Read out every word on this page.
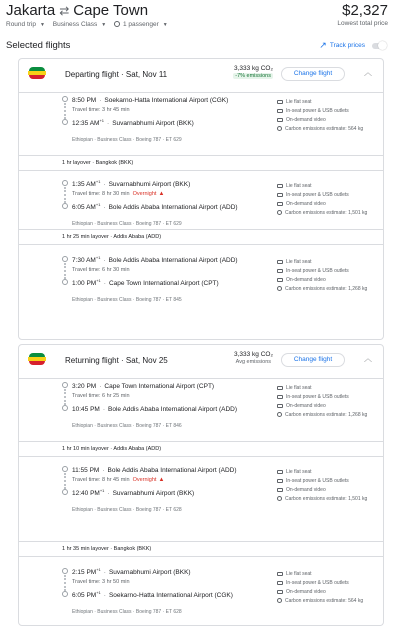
Jakarta ⇄ Cape Town	$2,327
Lowest total price
Round trip ▼ Business Class ▼	1 passenger ▼
Selected flights	↗ Track prices
Departing flight · Sat, Nov 11
3,333 kg CO₂
-7% emissions	Change flight	︿
8:50 PM · Soekarno-Hatta International Airport (CGK)
Travel time: 3 hr 45 min
12:35 $AM^{+1}$ · Suvarnabhumi Airport (BKK)
Ethiopian · Business Class · Boeing 787 · ET 629
Lie flat seat
In-seat power & USB outlets
On-demand video
Carbon emissions estimate: 564 kg
1 hr layover · Bangkok (BKK)
1:35 $AM^{+1}$ · Suvarnabhumi Airport (BKK)
Travel time: 8 hr 30 min Overnight ▲
6:05 $AM^{+1}$ · Bole Addis Ababa International Airport (ADD)
Ethiopian · Business Class · Boeing 787 · ET 629
Lie flat seat
In-seat power & USB outlets
On-demand video
Carbon emissions estimate: 1,501 kg
1 hr 25 min layover · Addis Ababa (ADD)
7:30 $AM^{+1}$ · Bole Addis Ababa International Airport (ADD)
Travel time: 6 hr 30 min
1:00 $PM^{+1}$ · Cape Town International Airport (CPT)
Ethiopian · Business Class · Boeing 787 · ET 845
Lie flat seat
In-seat power & USB outlets
On-demand video
Carbon emissions estimate: 1,268 kg
Returning flight · Sat, Nov 25
3,333 kg CO₂
Avg emissions	Change flight	︿
3:20 PM · Cape Town International Airport (CPT)
Travel time: 6 hr 25 min
10:45 PM · Bole Addis Ababa International Airport (ADD)
Ethiopian · Business Class · Boeing 787 · ET 846
Lie flat seat
In-seat power & USB outlets
On-demand video
Carbon emissions estimate: 1,268 kg
1 hr 10 min layover · Addis Ababa (ADD)
11:55 PM · Bole Addis Ababa International Airport (ADD)
Travel time: 8 hr 45 min Overnight ▲
12:40 $PM^{+1}$ · Suvarnabhumi Airport (BKK)
Ethiopian · Business Class · Boeing 787 · ET 628
Lie flat seat
In-seat power & USB outlets
On-demand video
Carbon emissions estimate: 1,501 kg
1 hr 35 min layover · Bangkok (BKK)
2:15 $PM^{+1}$ · Suvarnabhumi Airport (BKK)
Travel time: 3 hr 50 min
6:05 $PM^{+1}$ · Soekarno-Hatta International Airport (CGK)
Ethiopian · Business Class · Boeing 787 · ET 628
Lie flat seat
In-seat power & USB outlets
On-demand video
Carbon emissions estimate: 564 kg
